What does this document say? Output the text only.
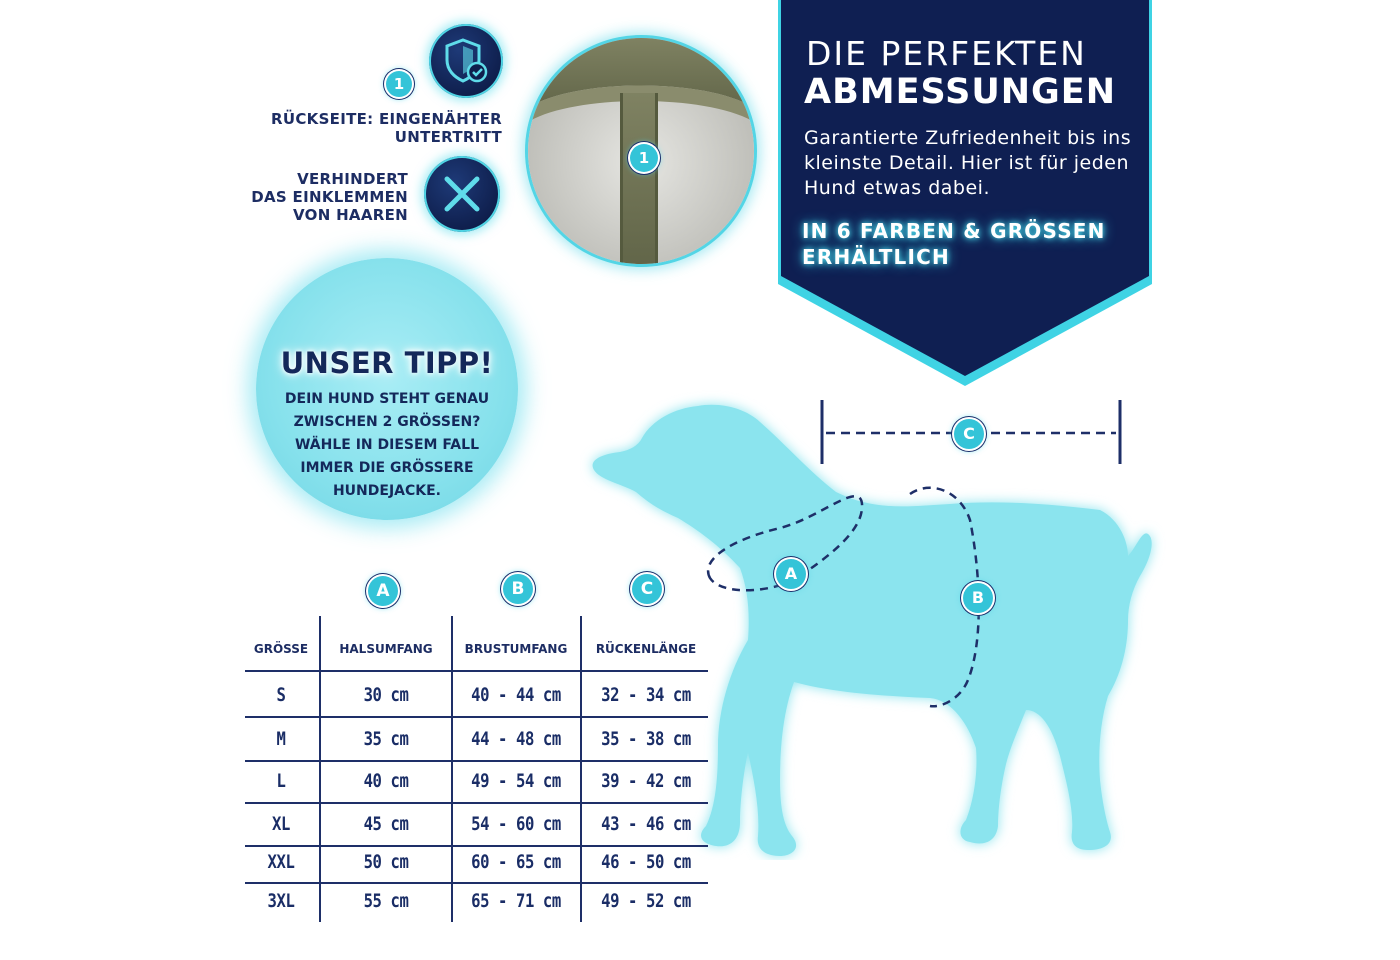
1
RÜCKSEITE: EINGENÄHTER
UNTERTRITT
VERHINDERT
DAS EINKLEMMEN
VON HAAREN
1
DIE PERFEKTEN
ABMESSUNGEN
Garantierte Zufriedenheit bis ins kleinste Detail. Hier ist für jeden Hund etwas dabei.
IN 6 FARBEN & GRÖSSEN
ERHÄLTLICH
UNSER TIPP!
DEIN HUND STEHT GENAU
ZWISCHEN 2 GRÖSSEN?
WÄHLE IN DIESEM FALL
IMMER DIE GRÖSSERE
HUNDEJACKE.
C
A
B
A	B	C
GRÖSSE	HALSUMFANG	BRUSTUMFANG	RÜCKENLÄNGE
S	30 cm	40 - 44 cm	32 - 34 cm
M	35 cm	44 - 48 cm	35 - 38 cm
L	40 cm	49 - 54 cm	39 - 42 cm
XL	45 cm	54 - 60 cm	43 - 46 cm
XXL	50 cm	60 - 65 cm	46 - 50 cm
3XL	55 cm	65 - 71 cm	49 - 52 cm
